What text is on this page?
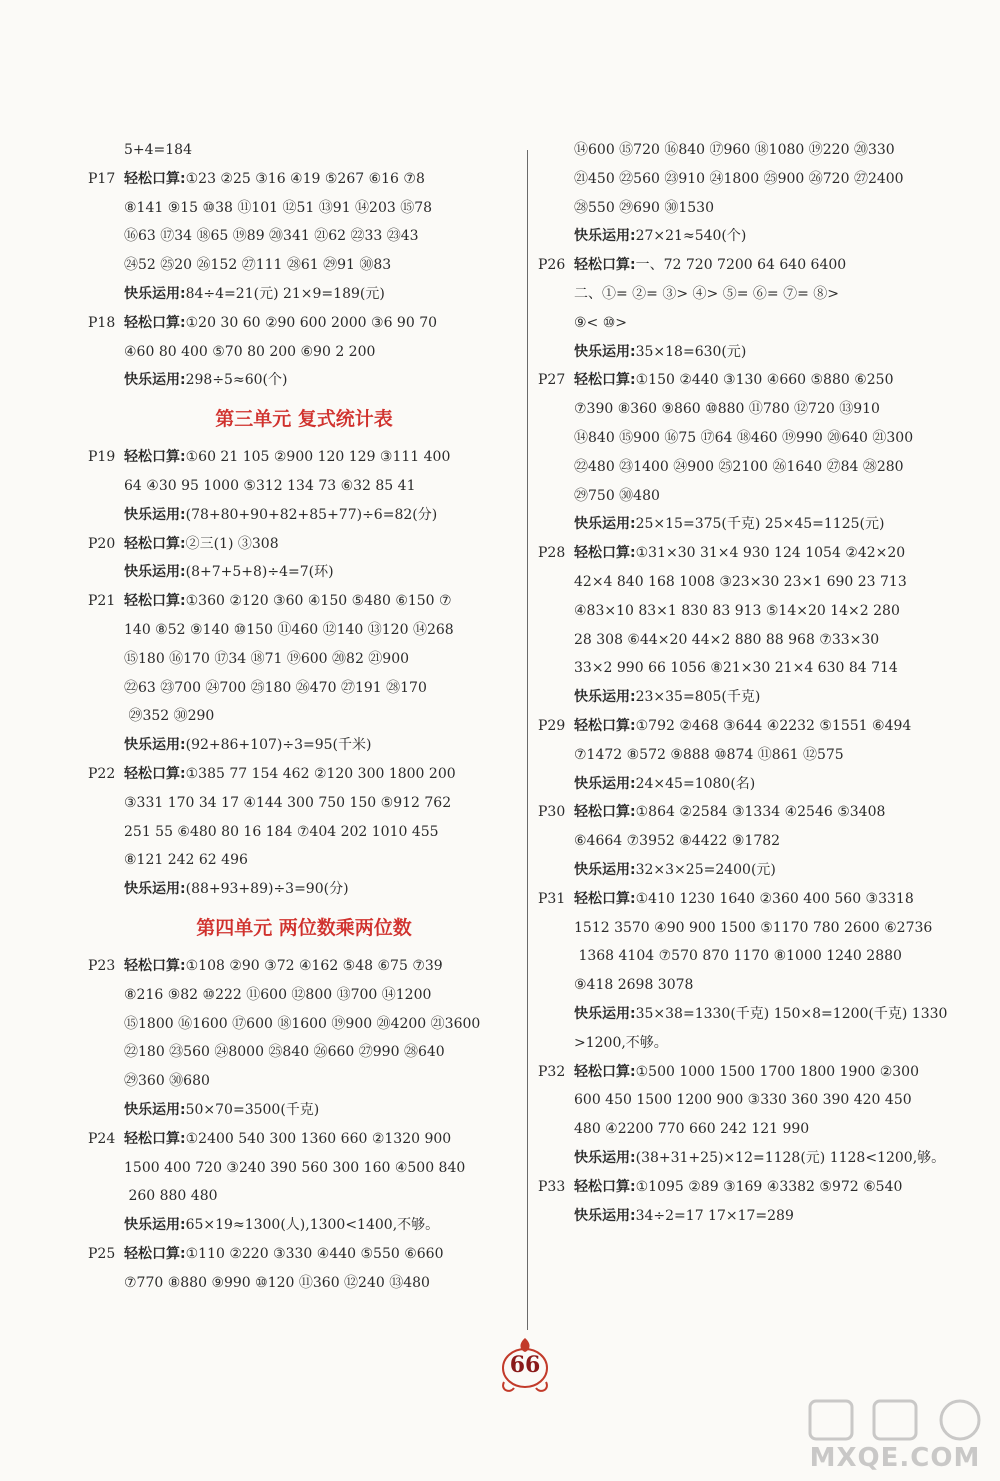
5+4=184
P17 轻松口算:①23 ②25 ③16 ④19 ⑤267 ⑥16 ⑦8
⑧141 ⑨15 ⑩38 ⑪101 ⑫51 ⑬91 ⑭203 ⑮78
⑯63 ⑰34 ⑱65 ⑲89 ⑳341 ㉑62 ㉒33 ㉓43
㉔52 ㉕20 ㉖152 ㉗111 ㉘61 ㉙91 ㉚83
快乐运用:84÷4=21(元) 21×9=189(元)
P18 轻松口算:①20 30 60 ②90 600 2000 ③6 90 70
④60 80 400 ⑤70 80 200 ⑥90 2 200
快乐运用:298÷5≈60(个)
第三单元 复式统计表
P19 轻松口算:①60 21 105 ②900 120 129 ③111 400
64 ④30 95 1000 ⑤312 134 73 ⑥32 85 41
快乐运用:(78+80+90+82+85+77)÷6=82(分)
P20 轻松口算:②三(1) ③308
快乐运用:(8+7+5+8)÷4=7(环)
P21 轻松口算:①360 ②120 ③60 ④150 ⑤480 ⑥150 ⑦
140 ⑧52 ⑨140 ⑩150 ⑪460 ⑫140 ⑬120 ⑭268
⑮180 ⑯170 ⑰34 ⑱71 ⑲600 ⑳82 ㉑900
㉒63 ㉓700 ㉔700 ㉕180 ㉖470 ㉗191 ㉘170
㉙352 ㉚290
快乐运用:(92+86+107)÷3=95(千米)
P22 轻松口算:①385 77 154 462 ②120 300 1800 200
③331 170 34 17 ④144 300 750 150 ⑤912 762
251 55 ⑥480 80 16 184 ⑦404 202 1010 455
⑧121 242 62 496
快乐运用:(88+93+89)÷3=90(分)
第四单元 两位数乘两位数
P23 轻松口算:①108 ②90 ③72 ④162 ⑤48 ⑥75 ⑦39
⑧216 ⑨82 ⑩222 ⑪600 ⑫800 ⑬700 ⑭1200
⑮1800 ⑯1600 ⑰600 ⑱1600 ⑲900 ⑳4200 ㉑3600
㉒180 ㉓560 ㉔8000 ㉕840 ㉖660 ㉗990 ㉘640
㉙360 ㉚680
快乐运用:50×70=3500(千克)
P24 轻松口算:①2400 540 300 1360 660 ②1320 900
1500 400 720 ③240 390 560 300 160 ④500 840
260 880 480
快乐运用:65×19≈1300(人),1300<1400,不够。
P25 轻松口算:①110 ②220 ③330 ④440 ⑤550 ⑥660
⑦770 ⑧880 ⑨990 ⑩120 ⑪360 ⑫240 ⑬480
⑭600 ⑮720 ⑯840 ⑰960 ⑱1080 ⑲220 ⑳330
㉑450 ㉒560 ㉓910 ㉔1800 ㉕900 ㉖720 ㉗2400
㉘550 ㉙690 ㉚1530
快乐运用:27×21≈540(个)
P26 轻松口算:一、72 720 7200 64 640 6400
二、①= ②= ③> ④> ⑤= ⑥= ⑦= ⑧>
⑨< ⑩>
快乐运用:35×18=630(元)
P27 轻松口算:①150 ②440 ③130 ④660 ⑤880 ⑥250
⑦390 ⑧360 ⑨860 ⑩880 ⑪780 ⑫720 ⑬910
⑭840 ⑮900 ⑯75 ⑰64 ⑱460 ⑲990 ⑳640 ㉑300
㉒480 ㉓1400 ㉔900 ㉕2100 ㉖1640 ㉗84 ㉘280
㉙750 ㉚480
快乐运用:25×15=375(千克) 25×45=1125(元)
P28 轻松口算:①31×30 31×4 930 124 1054 ②42×20
42×4 840 168 1008 ③23×30 23×1 690 23 713
④83×10 83×1 830 83 913 ⑤14×20 14×2 280
28 308 ⑥44×20 44×2 880 88 968 ⑦33×30
33×2 990 66 1056 ⑧21×30 21×4 630 84 714
快乐运用:23×35=805(千克)
P29 轻松口算:①792 ②468 ③644 ④2232 ⑤1551 ⑥494
⑦1472 ⑧572 ⑨888 ⑩874 ⑪861 ⑫575
快乐运用:24×45=1080(名)
P30 轻松口算:①864 ②2584 ③1334 ④2546 ⑤3408
⑥4664 ⑦3952 ⑧4422 ⑨1782
快乐运用:32×3×25=2400(元)
P31 轻松口算:①410 1230 1640 ②360 400 560 ③3318
1512 3570 ④90 900 1500 ⑤1170 780 2600 ⑥2736
1368 4104 ⑦570 870 1170 ⑧1000 1240 2880
⑨418 2698 3078
快乐运用:35×38=1330(千克) 150×8=1200(千克) 1330
>1200,不够。
P32 轻松口算:①500 1000 1500 1700 1800 1900 ②300
600 450 1500 1200 900 ③330 360 390 420 450
480 ④2200 770 660 242 121 990
快乐运用:(38+31+25)×12=1128(元) 1128<1200,够。
P33 轻松口算:①1095 ②89 ③169 ④3382 ⑤972 ⑥540
快乐运用:34÷2=17 17×17=289
66
MXQE.COM
